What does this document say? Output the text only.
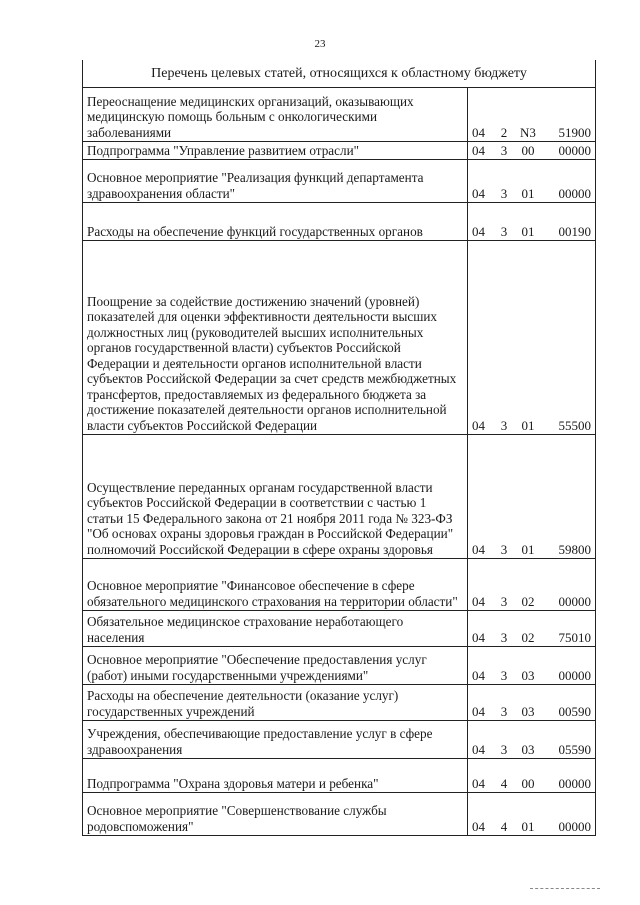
23
Перечень целевых статей, относящихся к областному бюджету
Переоснащение медицинских организаций, оказывающих медицинскую помощь больным с онкологическими заболеваниями	04	2 N3	51900
Подпрограмма "Управление развитием отрасли"	04	3	00	00000
Основное мероприятие "Реализация функций департамента здравоохранения области"	04	3	01	00000
Расходы на обеспечение функций государственных органов	04	3	01	00190
Поощрение за содействие достижению значений (уровней) показателей для оценки эффективности деятельности высших должностных лиц (руководителей высших исполнительных органов государственной власти) субъектов Российской Федерации и деятельности органов исполнительной власти субъектов Российской Федерации за счет средств межбюджетных трансфертов, предоставляемых из федерального бюджета за достижение показателей деятельности органов исполнительной власти субъектов Российской Федерации	04	3	01	55500
Осуществление переданных органам государственной власти субъектов Российской Федерации в соответствии с частью 1 статьи 15 Федерального закона от 21 ноября 2011 года № 323-ФЗ "Об основах охраны здоровья граждан в Российской Федерации" полномочий Российской Федерации в сфере охраны здоровья	04	3	01	59800
Основное мероприятие "Финансовое обеспечение в сфере обязательного медицинского страхования на территории области"	04	3	02	00000
Обязательное медицинское страхование неработающего населения	04	3	02	75010
Основное мероприятие "Обеспечение предоставления услуг (работ) иными государственными учреждениями"	04	3	03	00000
Расходы на обеспечение деятельности (оказание услуг) государственных учреждений	04	3	03	00590
Учреждения, обеспечивающие предоставление услуг в сфере здравоохранения	04	3	03	05590
Подпрограмма "Охрана здоровья матери и ребенка"	04	4	00	00000
Основное мероприятие "Совершенствование службы родовспоможения"	04	4	01	00000
